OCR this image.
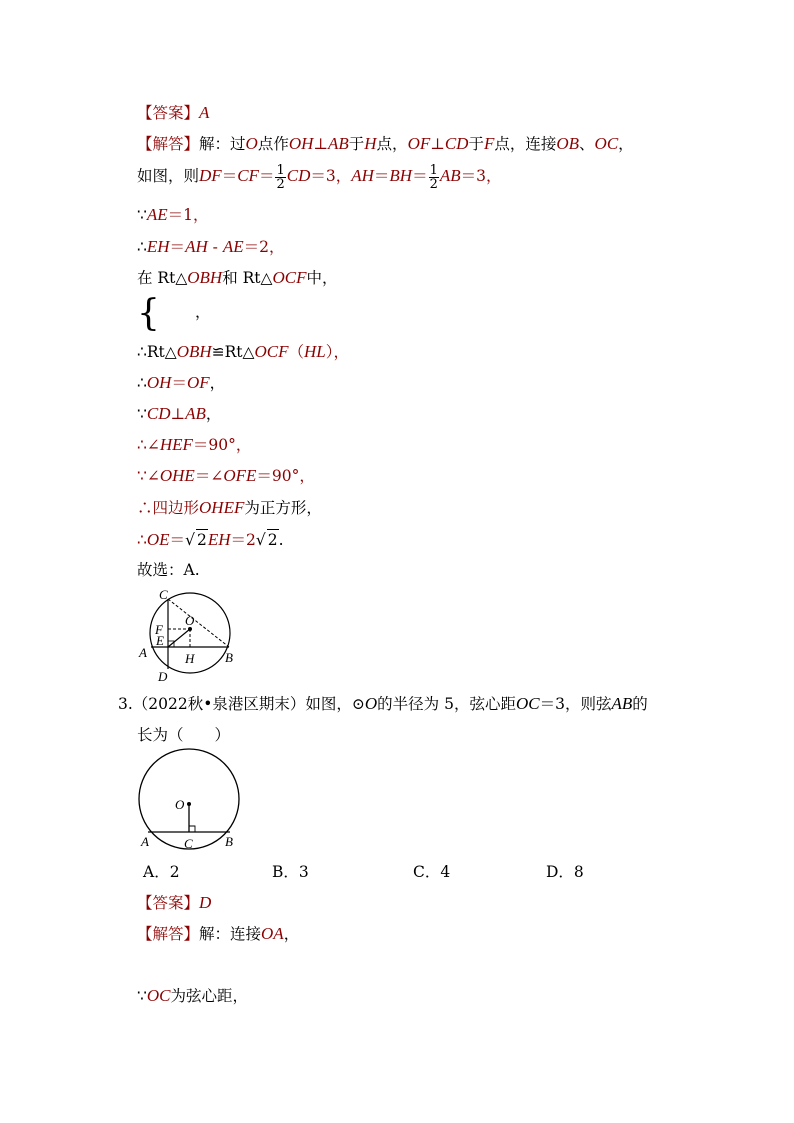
【答案】A
【解答】解：过O点作OH⊥AB于H点，OF⊥CD于F点，连接OB、OC，
如图，则$DF=CF= \frac{1}{2} CD=3$，$AH=BH= \frac{1}{2} AB=3$，
∵AE＝1，
∴EH＝AH - AE＝2，
在 Rt△OBH和 Rt△OCF中，
{ ，
∴Rt△OBH≌Rt△OCF（HL），
∴OH＝OF，
∵CD⊥AB，
∴∠HEF＝90°，
∵∠OHE＝∠OFE＝90°，
∴四边形OHEF为正方形，
∴OE＝√ 2EH＝2√ 2.
故选：A.
C
O
F
E
A	H B
D
3.（2022秋•泉港区期末）如图，⊙O的半径为 5，弦心距OC＝3，则弦AB的
长为（　　）
O
A	C B
A．2	B．3	C．4	D．8
【答案】D
【解答】解：连接OA，
∵OC为弦心距，
